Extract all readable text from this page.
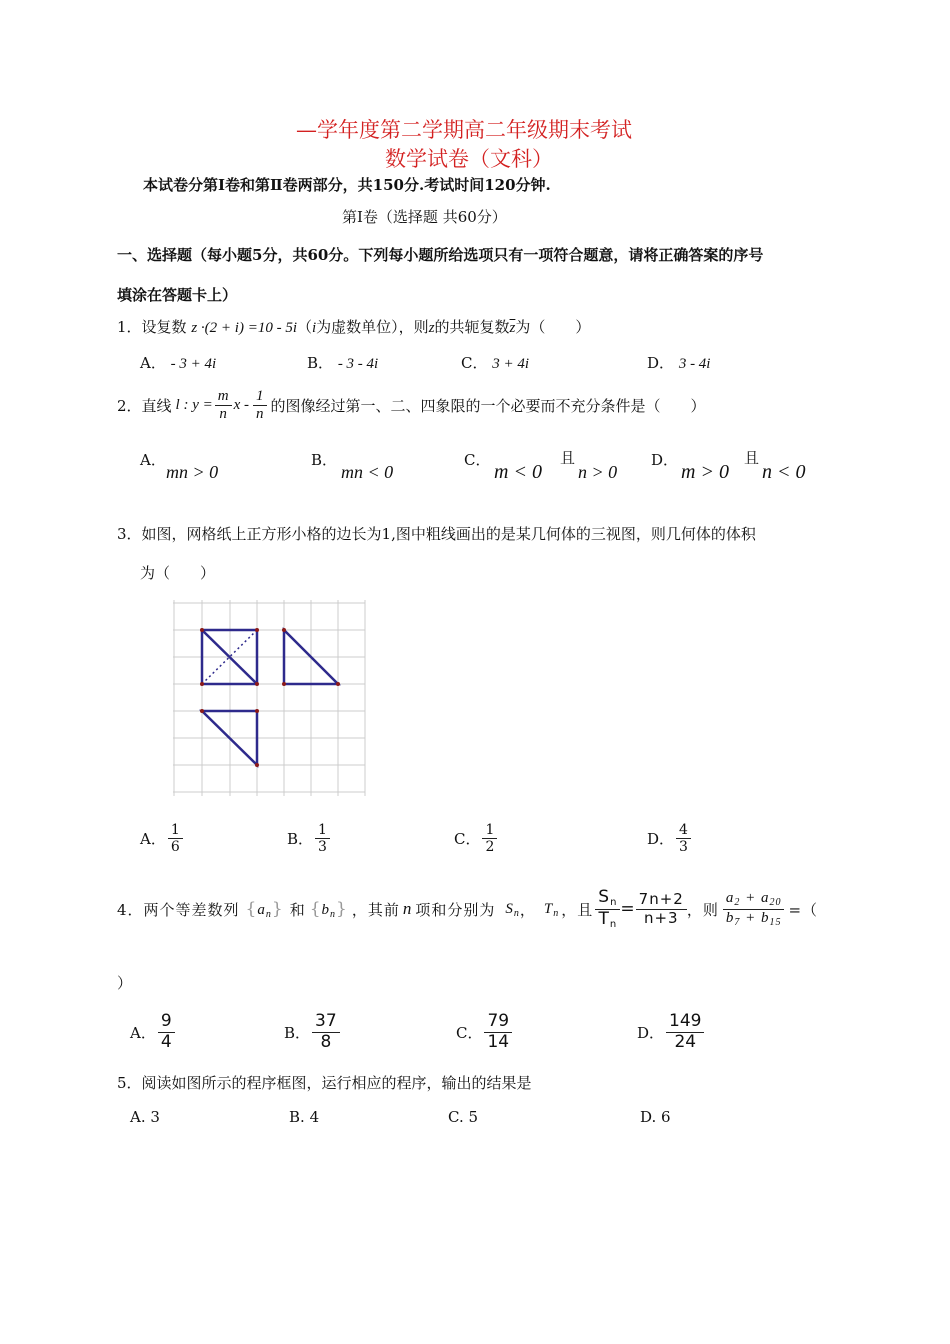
—学年度第二学期高二年级期末考试
数学试卷（文科）
本试卷分第I卷和第Ⅱ卷两部分，共150分.考试时间120分钟.
第Ⅰ卷（选择题 共60分）
一、选择题（每小题5分，共60分。下列每小题所给选项只有一项符合题意，请将正确答案的序号
填涂在答题卡上）
1．设复数 z ·(2 + i) =10 - 5i（i为虚数单位），则z的共轭复数$\overline{z}$为（　　）
A． - 3 + 4i	B． - 3 - 4i	C． 3 + 4i	D． 3 - 4i
2．直线 l : $y = \frac{m}{n}$ x - $\frac{1}{n}$ 的图像经过第一、二、四象限的一个必要而不充分条件是（　　）
A．
mn > 0
B．
mn < 0
C．
m < 0
且
n > 0
D．
m > 0
且
n < 0
3．如图，网格纸上正方形小格的边长为1,图中粗线画出的是某几何体的三视图，则几何体的体积
为（　　）
A． $\frac{1}{6}$	B． $\frac{1}{3}$	C． $\frac{1}{2}$	D． $\frac{4}{3}$
4．两个等差数列 $\{a_n\}$ 和 $\{b_n\}$ ，其前 n 项和分别为 $S_n$ ， $T_n$ ，且 $\frac{S_n}{T_n} = \frac{7n+2}{n+3}$ ，则 $\frac{a_2 + a_{20}}{b_7 + b_{15}}$ =（
）
A． $\frac{9}{4}$	B． $\frac{37}{8}$	C． $\frac{79}{14}$	D． $\frac{149}{24}$
5．阅读如图所示的程序框图，运行相应的程序，输出的结果是
A. 3	B. 4	C. 5	D. 6
